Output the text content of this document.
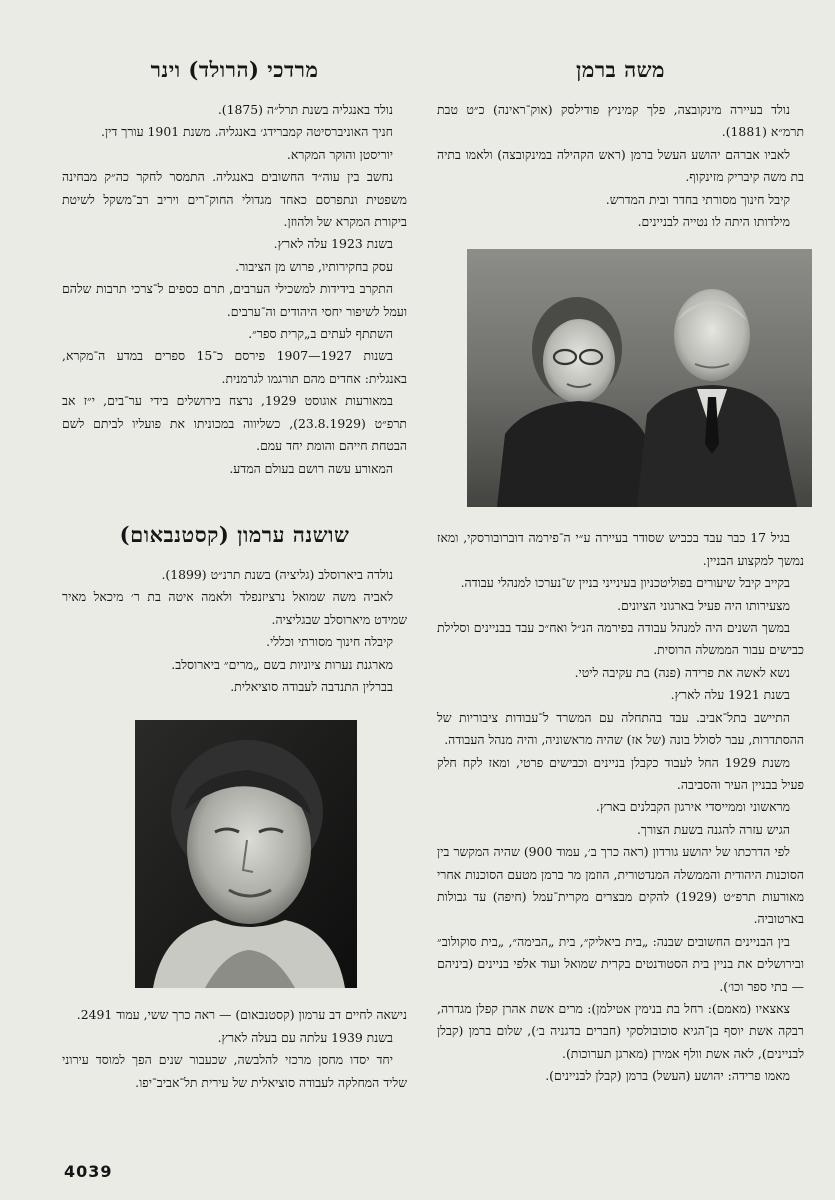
משה ברמן

נולד בעיירה מינקובצה, פלך קמיניץ פודילסק (אוק־ראינה) כ״ט טבת תרמ״א (1881).

לאביו אברהם יהושע העשל ברמן (ראש הקהילה במינקובצה) ולאמו בתיה בת משה קיבריק מזינקוף.

קיבל חינוך מסורתי בחדר ובית המדרש.

מילדותו היתה לו נטייה לבניינים.

בגיל 17 כבר עבד בכביש שסודר בעיירה ע״י ה־פירמה דוברובורסקי, ומאז נמשך למקצוע הבניין.

בקייב קיבל שיעורים בפוליטכניון בעינייני בניין ש־נערכו למנהלי עבודה.

מצעירותו היה פעיל בארגוני הציונים.

במשך השנים היה למנהל עבודה בפירמה הנ״ל ואח״כ עבד בבניינים וסלילת כבישים עבור הממשלה הרוסית.

נשא לאשה את פרידה (פנה) בת עקיבה ליטי.

בשנת 1921 עלה לארץ.

התיישב בתל־אביב. עבד בהתחלה עם המשרד ל־עבודות ציבוריות של ההסתדרות, עבר לסולל בונה (של אז) שהיה מראשוניה, והיה מנהל העבודה.

משנת 1929 החל לעבוד כקבלן בניינים וכבישים פרטי, ומאז לקח חלק פעיל בבניין העיר והסביבה.

מראשוני וממייסדי אירגון הקבלנים בארץ.

הגיש עזרה להגנה בשעת הצורך.

לפי הדרכתו של יהושע גורדון (ראה כרך ב׳, עמוד 900) שהיה המקשר בין הסוכנות היהודית והממשלה המנדטורית, הוזמן מר ברמן מטעם הסוכנות אחרי מאורעות תרפ״ט (1929) להקים מבצרים מקרית־עמל (חיפה) עד גבולות בארטוביה.

בין הבניינים החשובים שבנה: „בית ביאליק״, בית „הבימה״, „בית סוקולוב״ ובירושלים את בניין בית הסטודנטים בקרית שמואל ועוד אלפי בניינים (ביניהם — בתי ספר וכו׳).

צאצאיו (מאמם): רחל בת בנימין אטילמן): מרים אשת אהרן קפלן מגדרה, רבקה אשת יוסף בן־הגיא סוכובולסקי (חברים בדגניה ב׳), שלום ברמן (קבלן לבניינים), לאה אשת וולף אמירן (מארגן תערוכות).

מאמו פרידה: יהושע (העשל) ברמן (קבלן לבניינים).

מרדכי (הרולד) וינר

נולד באנגליה בשנת תרל״ה (1875).

חניך האוניברסיטה קמברידג׳ באנגליה. משנת 1901 עורך דין.

יוריסטן והוקר המקרא.

נחשב בין עוה״ד החשובים באנגליה. התמסר לחקר כה״ק מבחינה משפטית ונתפרסם כאחד מגדולי החוק־רים ויריב רב־משקל לשיטת ביקורת המקרא של ולהוזן.

בשנת 1923 עלה לארץ.

עסק בחקירותיו, פרוש מן הציבור.

התקרב בידידות למשכילי הערבים, תרם כספים ל־צרכי תרבות שלהם ועמל לשיפור יחסי היהודים וה־ערבים.

השתתף לעתים ב„קרית ספר״.

בשנות 1927—1907 פירסם כ־15 ספרים במדע ה־מקרא, באנגלית: אחדים מהם תורגמו לגרמנית.

במאורעות אוגוסט 1929, נרצח בירושלים בידי ער־בים, י״ז אב תרפ״ט (23.8.1929), כשליווה במכוניתו את פועליו לביתם לשם הבטחת חייהם והומת יחד עמם.

המאורע עשה רושם בעולם המדע.

שושנה ערמון (קסטנבאום)

נולדה ביארוסלב (גליציה) בשנת תרנ״ט (1899).

לאביה משה שמואל נרציזנפלד ולאמה איטה בת ר׳ מיכאל מאיר שמידט מיארוסלב שבגליציה.

קיבלה חינוך מסורתי וכללי.

מארגנת נערות ציוניות בשם „מרים״ ביארוסלב.

בברלין התנדבה לעבודה סוציאלית.

נישאה לחיים דב ערמון (קסטנבאום) — ראה כרך ששי, עמוד 2491.

בשנת 1939 עלתה עם בעלה לארץ.

יחד יסדו מחסן מרכזי להלבשה, שכעבור שנים הפך למוסד עירוני שליד המחלקה לעבודה סוציאלית של עירית תל־אביב־יפו.

4039
